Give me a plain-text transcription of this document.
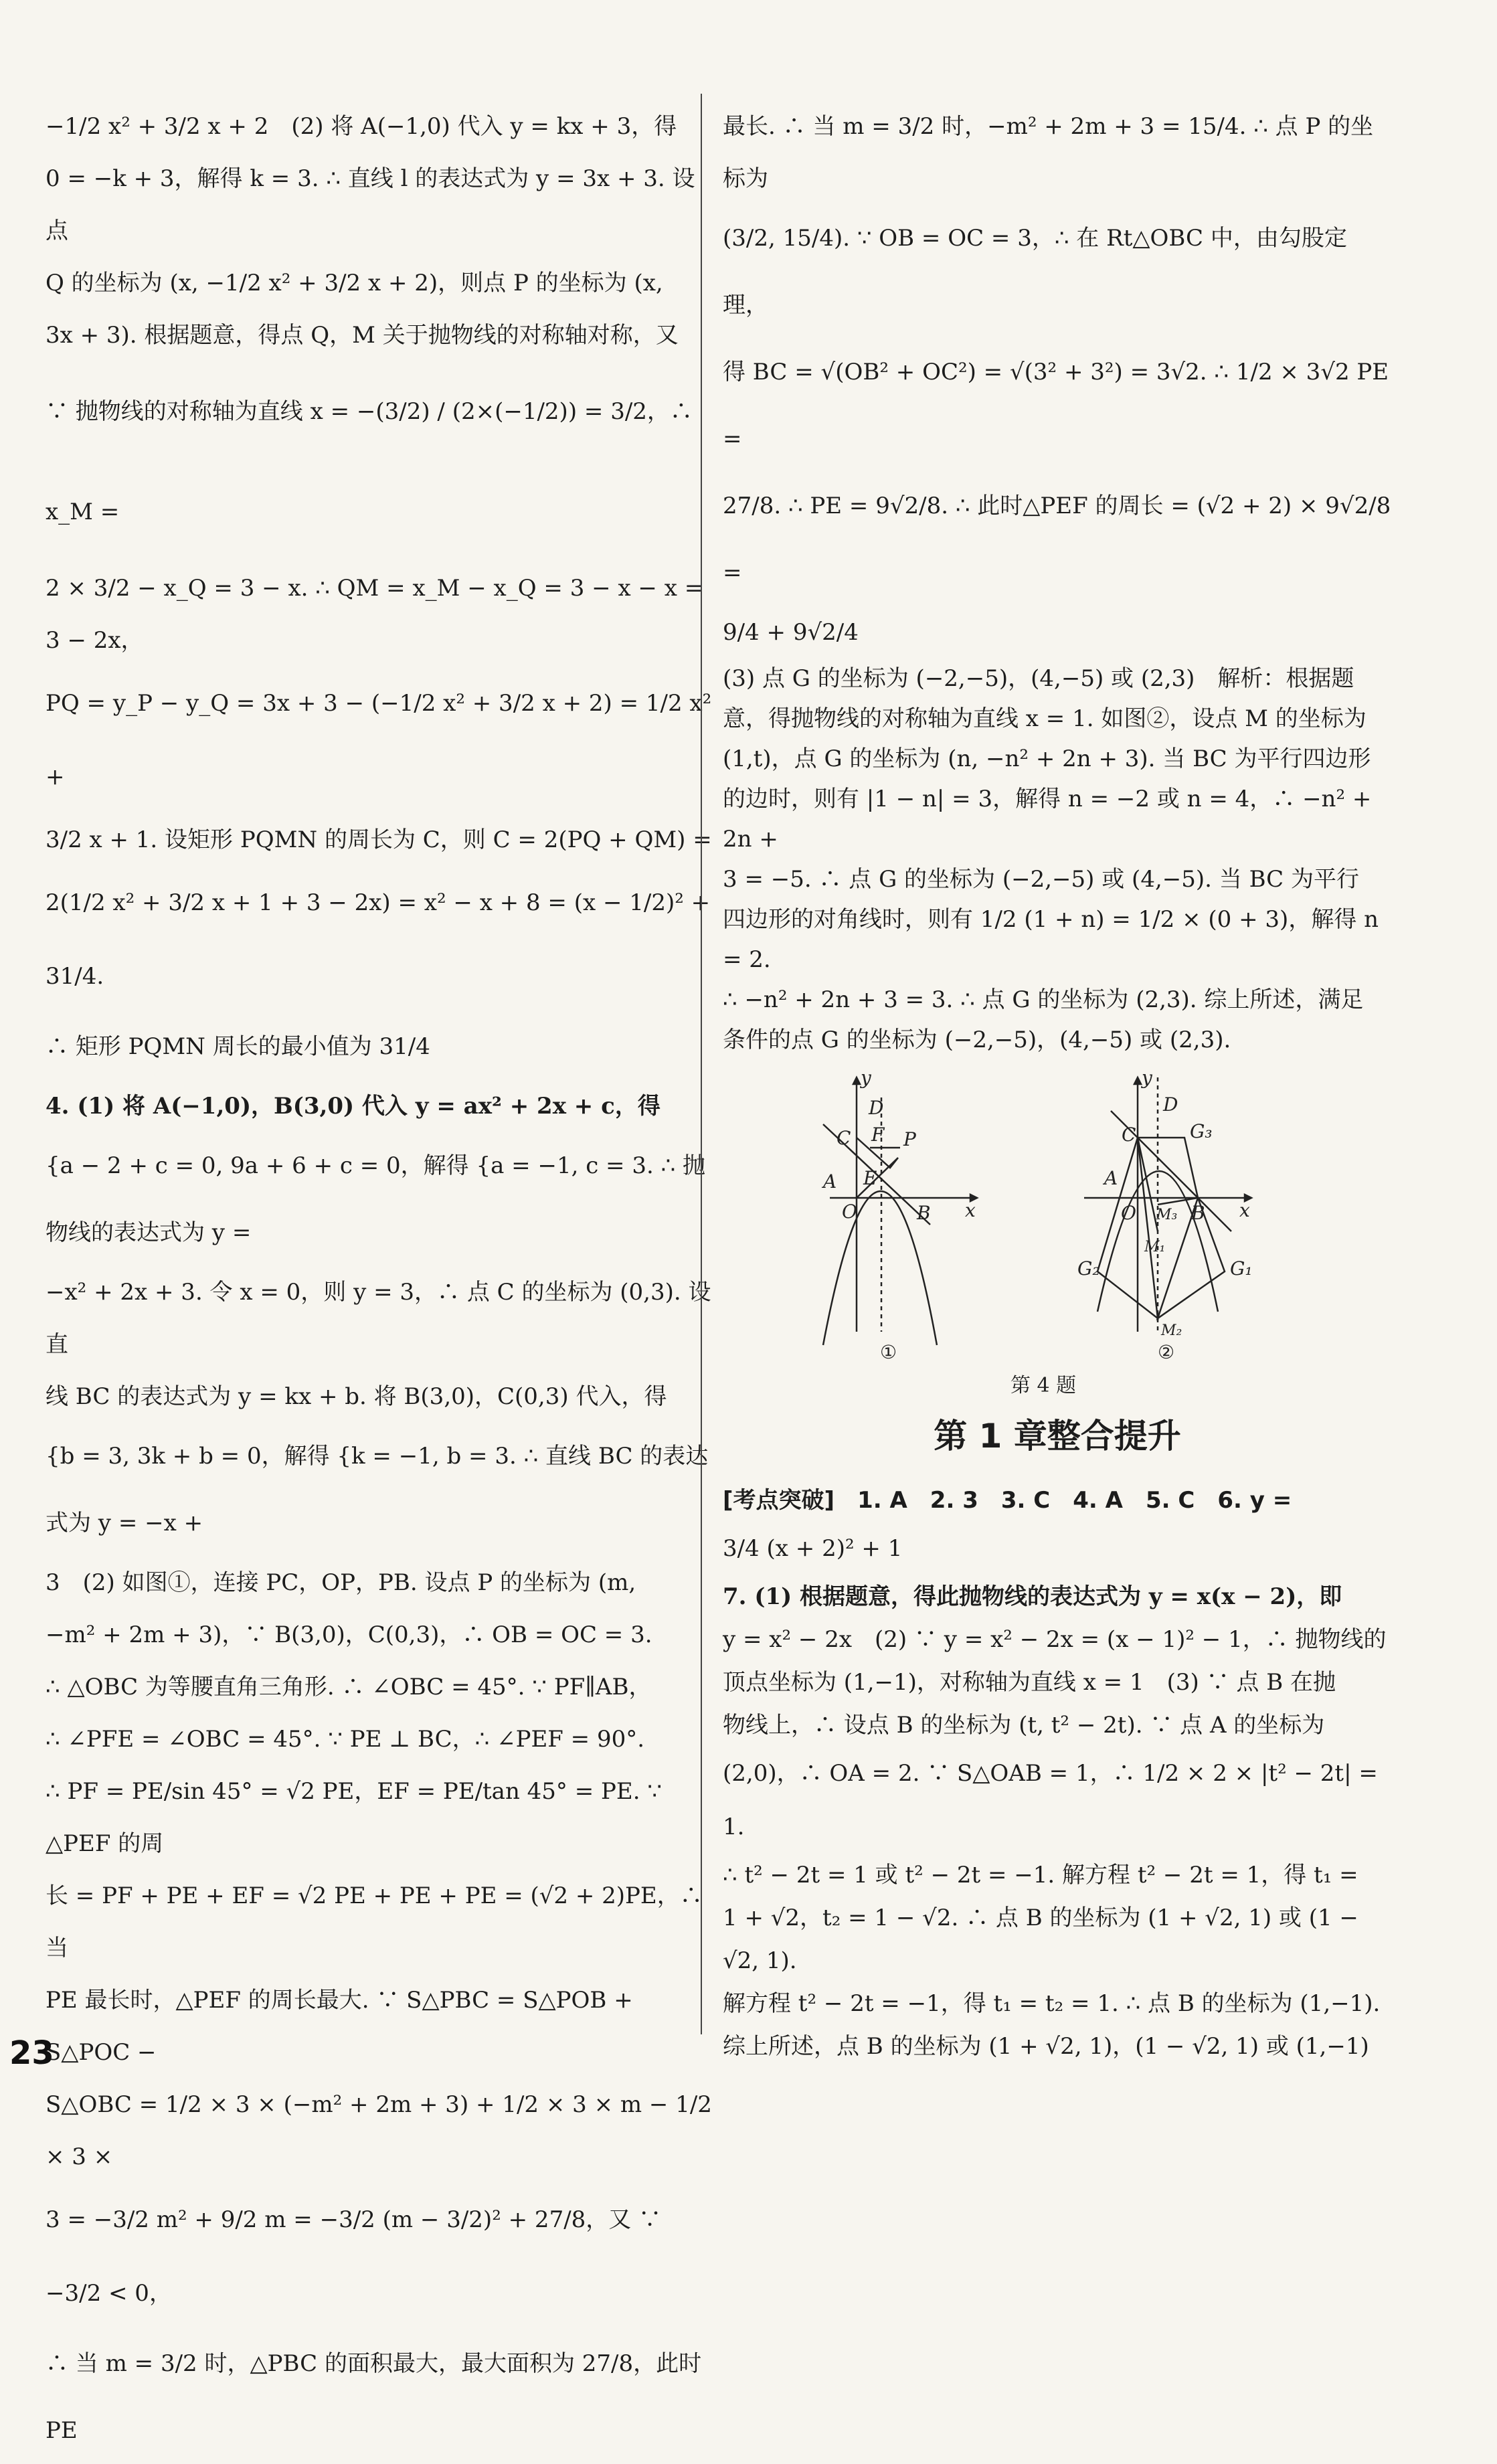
−1/2 x² + 3/2 x + 2　(2) 将 A(−1,0) 代入 y = kx + 3，得

0 = −k + 3，解得 k = 3. ∴ 直线 l 的表达式为 y = 3x + 3. 设点

Q 的坐标为 (x, −1/2 x² + 3/2 x + 2)，则点 P 的坐标为 (x,

3x + 3). 根据题意，得点 Q，M 关于抛物线的对称轴对称，又

∵ 抛物线的对称轴为直线 x = −(3/2) / (2×(−1/2)) = 3/2，∴ x_M =

2 × 3/2 − x_Q = 3 − x. ∴ QM = x_M − x_Q = 3 − x − x = 3 − 2x，

PQ = y_P − y_Q = 3x + 3 − (−1/2 x² + 3/2 x + 2) = 1/2 x² +

3/2 x + 1. 设矩形 PQMN 的周长为 C，则 C = 2(PQ + QM) =

2(1/2 x² + 3/2 x + 1 + 3 − 2x) = x² − x + 8 = (x − 1/2)² + 31/4.

∴ 矩形 PQMN 周长的最小值为 31/4

4. (1) 将 A(−1,0)，B(3,0) 代入 y = ax² + 2x + c，得

{a − 2 + c = 0, 9a + 6 + c = 0，解得 {a = −1, c = 3. ∴ 抛物线的表达式为 y =

−x² + 2x + 3. 令 x = 0，则 y = 3，∴ 点 C 的坐标为 (0,3). 设直

线 BC 的表达式为 y = kx + b. 将 B(3,0)，C(0,3) 代入，得

{b = 3, 3k + b = 0，解得 {k = −1, b = 3. ∴ 直线 BC 的表达式为 y = −x +

3　(2) 如图①，连接 PC，OP，PB. 设点 P 的坐标为 (m,

−m² + 2m + 3)，∵ B(3,0)，C(0,3)，∴ OB = OC = 3.

∴ △OBC 为等腰直角三角形. ∴ ∠OBC = 45°. ∵ PF∥AB，

∴ ∠PFE = ∠OBC = 45°. ∵ PE ⊥ BC，∴ ∠PEF = 90°.

∴ PF = PE/sin 45° = √2 PE，EF = PE/tan 45° = PE. ∵ △PEF 的周

长 = PF + PE + EF = √2 PE + PE + PE = (√2 + 2)PE，∴ 当

PE 最长时，△PEF 的周长最大. ∵ S△PBC = S△POB + S△POC −

S△OBC = 1/2 × 3 × (−m² + 2m + 3) + 1/2 × 3 × m − 1/2 × 3 ×

3 = −3/2 m² + 9/2 m = −3/2 (m − 3/2)² + 27/8，又 ∵ −3/2 < 0，

∴ 当 m = 3/2 时，△PBC 的面积最大，最大面积为 27/8，此时 PE

最长. ∴ 当 m = 3/2 时，−m² + 2m + 3 = 15/4. ∴ 点 P 的坐标为

(3/2, 15/4). ∵ OB = OC = 3，∴ 在 Rt△OBC 中，由勾股定理，

得 BC = √(OB² + OC²) = √(3² + 3²) = 3√2. ∴ 1/2 × 3√2 PE =

27/8. ∴ PE = 9√2/8. ∴ 此时△PEF 的周长 = (√2 + 2) × 9√2/8 =

9/4 + 9√2/4

(3) 点 G 的坐标为 (−2,−5)，(4,−5) 或 (2,3)　解析：根据题

意，得抛物线的对称轴为直线 x = 1. 如图②，设点 M 的坐标为

(1,t)，点 G 的坐标为 (n, −n² + 2n + 3). 当 BC 为平行四边形

的边时，则有 |1 − n| = 3，解得 n = −2 或 n = 4，∴ −n² + 2n +

3 = −5. ∴ 点 G 的坐标为 (−2,−5) 或 (4,−5). 当 BC 为平行

四边形的对角线时，则有 1/2 (1 + n) = 1/2 × (0 + 3)，解得 n = 2.

∴ −n² + 2n + 3 = 3. ∴ 点 G 的坐标为 (2,3). 综上所述，满足

条件的点 G 的坐标为 (−2,−5)，(4,−5) 或 (2,3).

y
x
D
C F P
A E
O	B
①
y
x
D
G₃
C
A
O M₃ B
M₁
G₂	G₁
M₂
②
第 4 题
第 1 章整合提升

[考点突破]　1. A　2. 3　3. C　4. A　5. C　6. y =

3/4 (x + 2)² + 1

7. (1) 根据题意，得此抛物线的表达式为 y = x(x − 2)，即

y = x² − 2x　(2) ∵ y = x² − 2x = (x − 1)² − 1，∴ 抛物线的

顶点坐标为 (1,−1)，对称轴为直线 x = 1　(3) ∵ 点 B 在抛

物线上，∴ 设点 B 的坐标为 (t, t² − 2t). ∵ 点 A 的坐标为

(2,0)，∴ OA = 2. ∵ S△OAB = 1，∴ 1/2 × 2 × |t² − 2t| = 1.

∴ t² − 2t = 1 或 t² − 2t = −1. 解方程 t² − 2t = 1，得 t₁ =

1 + √2，t₂ = 1 − √2. ∴ 点 B 的坐标为 (1 + √2, 1) 或 (1 − √2, 1).

解方程 t² − 2t = −1，得 t₁ = t₂ = 1. ∴ 点 B 的坐标为 (1,−1).

综上所述，点 B 的坐标为 (1 + √2, 1)，(1 − √2, 1) 或 (1,−1)

23
